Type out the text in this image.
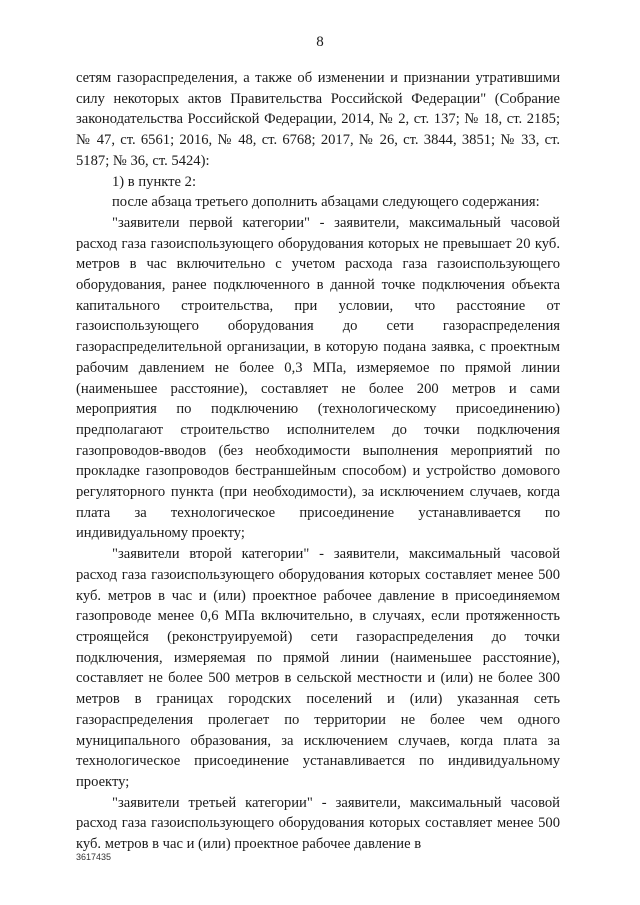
8

сетям газораспределения, а также об изменении и признании утратившими силу некоторых актов Правительства Российской Федерации" (Собрание законодательства Российской Федерации, 2014, № 2, ст. 137; № 18, ст. 2185; № 47, ст. 6561; 2016, № 48, ст. 6768; 2017, № 26, ст. 3844, 3851; № 33, ст. 5187; № 36, ст. 5424):

1) в пункте 2:

после абзаца третьего дополнить абзацами следующего содержания:

"заявители первой категории" - заявители, максимальный часовой расход газа газоиспользующего оборудования которых не превышает 20 куб. метров в час включительно с учетом расхода газа газоиспользующего оборудования, ранее подключенного в данной точке подключения объекта капитального строительства, при условии, что расстояние от газоиспользующего оборудования до сети газораспределения газораспределительной организации, в которую подана заявка, с проектным рабочим давлением не более 0,3 МПа, измеряемое по прямой линии (наименьшее расстояние), составляет не более 200 метров и сами мероприятия по подключению (технологическому присоединению) предполагают строительство исполнителем до точки подключения газопроводов-вводов (без необходимости выполнения мероприятий по прокладке газопроводов бестраншейным способом) и устройство домового регуляторного пункта (при необходимости), за исключением случаев, когда плата за технологическое присоединение устанавливается по индивидуальному проекту;

"заявители второй категории" - заявители, максимальный часовой расход газа газоиспользующего оборудования которых составляет менее 500 куб. метров в час и (или) проектное рабочее давление в присоединяемом газопроводе менее 0,6 МПа включительно, в случаях, если протяженность строящейся (реконструируемой) сети газораспределения до точки подключения, измеряемая по прямой линии (наименьшее расстояние), составляет не более 500 метров в сельской местности и (или) не более 300 метров в границах городских поселений и (или) указанная сеть газораспределения пролегает по территории не более чем одного муниципального образования, за исключением случаев, когда плата за технологическое присоединение устанавливается по индивидуальному проекту;

"заявители третьей категории" - заявители, максимальный часовой расход газа газоиспользующего оборудования которых составляет менее 500 куб. метров в час и (или) проектное рабочее давление в

3617435
